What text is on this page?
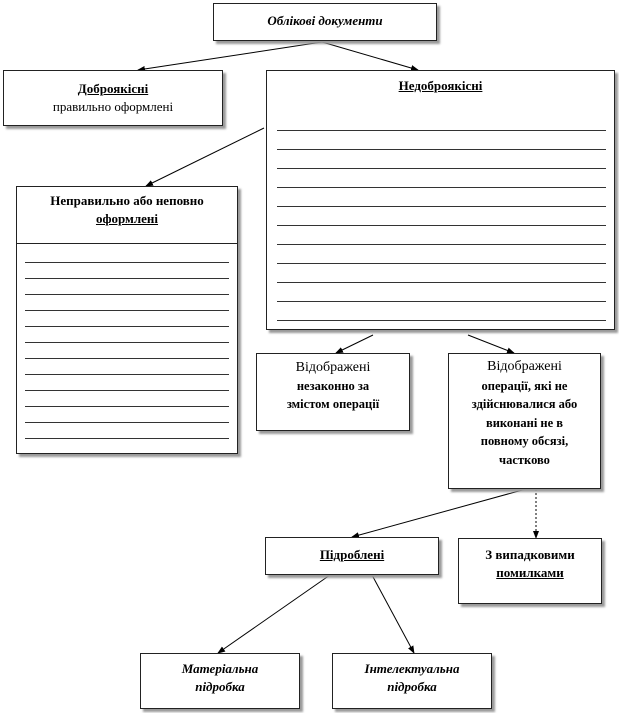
Облікові документи
Доброякісні
правильно оформлені
Недоброякісні
Неправильно або неповно
оформлені
Відображені
незаконно за
змістом операції
Відображені
операції, які не
здійснювалися або
виконані не в
повному обсязі,
частково
Підроблені	З випадковими
помилками
Матеріальна
підробка
Інтелектуальна
підробка
